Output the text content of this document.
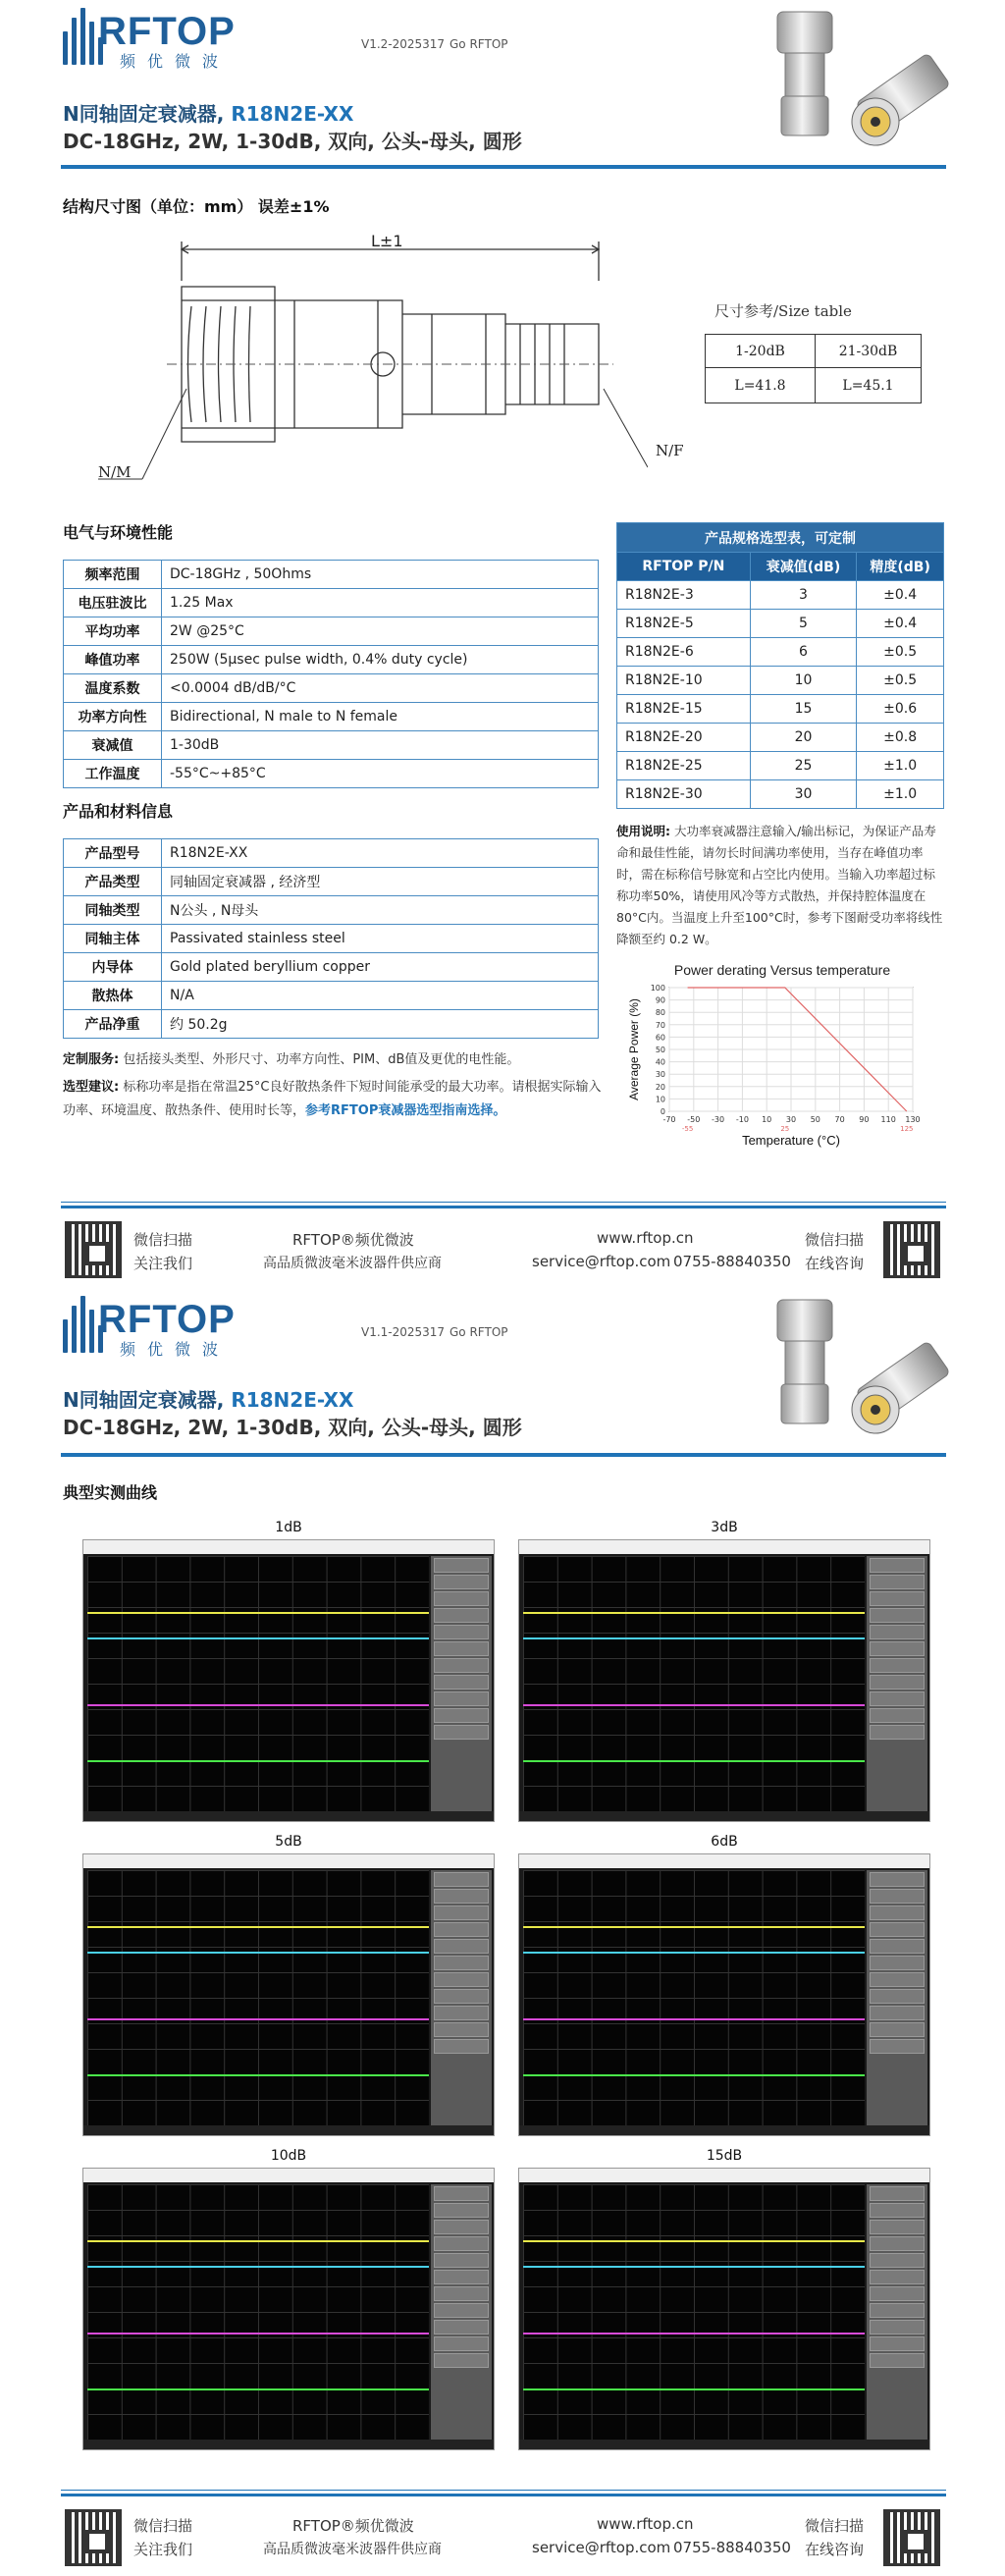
RFTOP
频优微波
V1.2-2025317 Go RFTOP
N同轴固定衰减器, R18N2E-XX
DC-18GHz, 2W, 1-30dB, 双向, 公头-母头, 圆形
结构尺寸图（单位：mm） 误差±1%
L±1
N/M
N/F
尺寸参考/Size table
1-20dB	21-30dB
L=41.8	L=45.1
电气与环境性能
频率范围	DC-18GHz , 50Ohms
电压驻波比	1.25 Max
平均功率	2W @25°C
峰值功率	250W (5μsec pulse width, 0.4% duty cycle)
温度系数	<0.0004 dB/dB/°C
功率方向性	Bidirectional, N male to N female
衰减值	1-30dB
工作温度	-55°C~+85°C
产品和材料信息
产品型号	R18N2E-XX
产品类型	同轴固定衰减器 , 经济型
同轴类型	N公头 , N母头
同轴主体	Passivated stainless steel
内导体	Gold plated beryllium copper
散热体	N/A
产品净重	约 50.2g
定制服务: 包括接头类型、外形尺寸、功率方向性、PIM、dB值及更优的电性能。
选型建议: 标称功率是指在常温25°C良好散热条件下短时间能承受的最大功率。请根据实际输入功率、环境温度、散热条件、使用时长等，参考RFTOP衰减器选型指南选择。
产品规格选型表，可定制		
RFTOP P/N	衰减值(dB)	精度(dB)
R18N2E-3	3	±0.4
R18N2E-5	5	±0.4
R18N2E-6	6	±0.5
R18N2E-10	10	±0.5
R18N2E-15	15	±0.6
R18N2E-20	20	±0.8
R18N2E-25	25	±1.0
R18N2E-30	30	±1.0
使用说明: 大功率衰减器注意输入/输出标记，为保证产品寿命和最佳性能，请勿长时间满功率使用，当存在峰值功率时，需在标称信号脉宽和占空比内使用。当输入功率超过标称功率50%，请使用风冷等方式散热，并保持腔体温度在80°C内。当温度上升至100°C时，参考下图耐受功率将线性降额至约 0.2 W。
Power derating Versus temperature
-70 -50 -30 -10 10 30 50 70 90 110 130
-55	25	125
0
10
20
30
40
50
60
70
80
90
100
Temperature (°C)
Average Power (%)
微信扫描
关注我们
RFTOP®频优微波
高品质微波毫米波器件供应商
www.rftop.cn
service@rftop.com 0755-88840350
微信扫描
在线咨询
RFTOP
频优微波
V1.1-2025317 Go RFTOP
N同轴固定衰减器, R18N2E-XX
DC-18GHz, 2W, 1-30dB, 双向, 公头-母头, 圆形
典型实测曲线
1dB	3dB
5dB	6dB
10dB	15dB
微信扫描
关注我们
RFTOP®频优微波
高品质微波毫米波器件供应商
www.rftop.cn
service@rftop.com 0755-88840350
微信扫描
在线咨询
